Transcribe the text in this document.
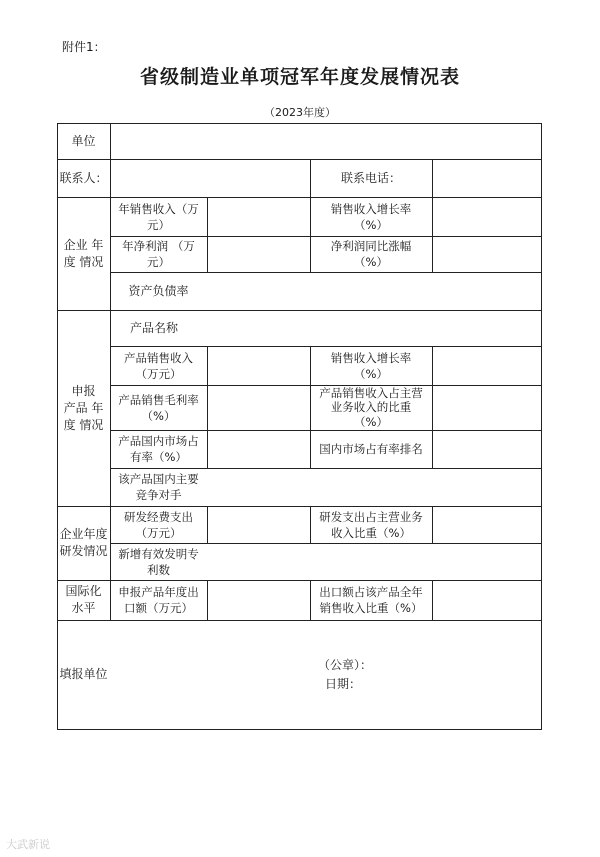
附件1：
省级制造业单项冠军年度发展情况表
（2023年度）
单位
联系人：	联系电话：
企业 年
度 情况
年销售收入（万
元）
销售收入增长率
（%）
年净利润 （万
元）
净利润同比涨幅
（%）
资产负债率
申报
产品 年
度 情况
产品名称
产品销售收入
（万元）
销售收入增长率
（%）
产品销售毛利率
（%）
产品销售收入占主营
业务收入的比重
（%）
产品国内市场占
有率（%）
国内市场占有率排名
该产品国内主要
竞争对手
企业年度
研发情况
研发经费支出
（万元）
研发支出占主营业务
收入比重（%）
新增有效发明专
利数
国际化
水平
申报产品年度出
口额（万元）
出口额占该产品全年
销售收入比重（%）
填报单位
（公章）：
日期：
大武新说
